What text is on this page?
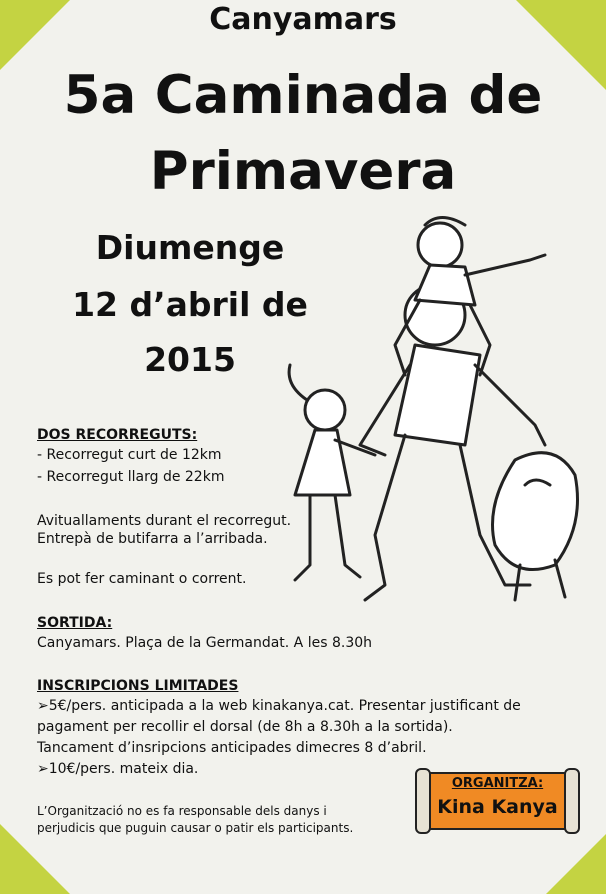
Canyamars
5a Caminada de
Primavera
Diumenge
12 d’abril de
2015
DOS RECORREGUTS:
- Recorregut curt de 12km
- Recorregut llarg de 22km
Avituallaments durant el recorregut.
Entrepà de butifarra a l’arribada.
Es pot fer caminant o corrent.
SORTIDA:
Canyamars. Plaça de la Germandat. A les 8.30h
INSCRIPCIONS LIMITADES
➢5€/pers. anticipada a la web kinakanya.cat. Presentar justificant de
pagament per recollir el dorsal (de 8h a 8.30h a la sortida).
Tancament d’insripcions anticipades dimecres 8 d’abril.
➢10€/pers. mateix dia.
L’Organització no es fa responsable dels danys i
perjudicis que puguin causar o patir els participants.
ORGANITZA:
Kina Kanya
